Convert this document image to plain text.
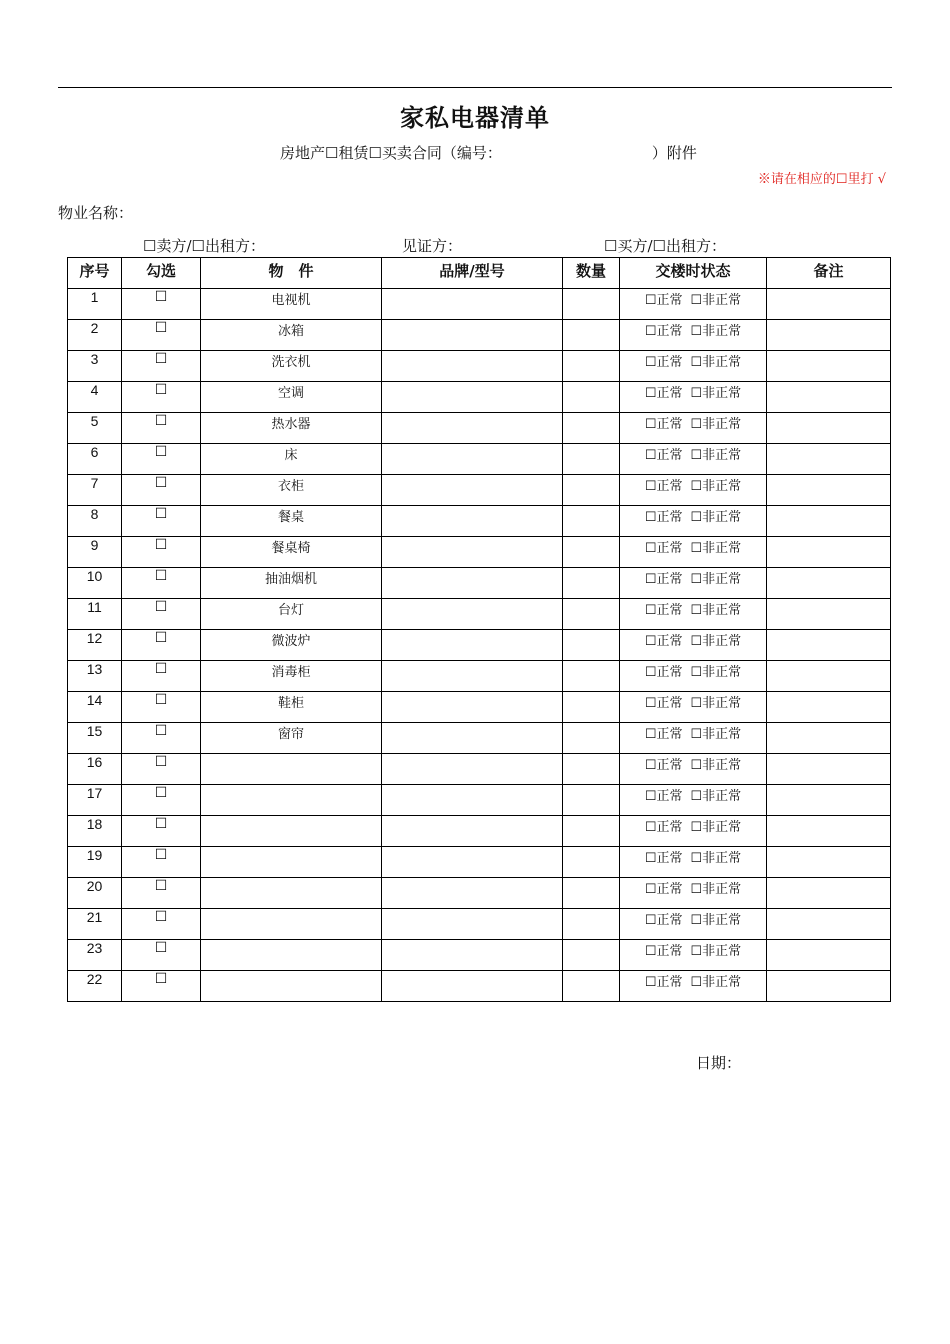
家私电器清单
房地产☐租赁☐买卖合同（编号：	）附件
※请在相应的☐里打 √
物业名称：
☐卖方/☐出租方：	见证方：	☐买方/☐出租方：
序号	勾选	物　件	品牌/型号	数量	交楼时状态	备注
1	☐	电视机			☐正常 ☐非正常	
2	☐	冰箱			☐正常 ☐非正常	
3	☐	洗衣机			☐正常 ☐非正常	
4	☐	空调			☐正常 ☐非正常	
5	☐	热水器			☐正常 ☐非正常	
6	☐	床			☐正常 ☐非正常	
7	☐	衣柜			☐正常 ☐非正常	
8	☐	餐桌			☐正常 ☐非正常	
9	☐	餐桌椅			☐正常 ☐非正常	
10	☐	抽油烟机			☐正常 ☐非正常	
11	☐	台灯			☐正常 ☐非正常	
12	☐	微波炉			☐正常 ☐非正常	
13	☐	消毒柜			☐正常 ☐非正常	
14	☐	鞋柜			☐正常 ☐非正常	
15	☐	窗帘			☐正常 ☐非正常	
16	☐				☐正常 ☐非正常	
17	☐				☐正常 ☐非正常	
18	☐				☐正常 ☐非正常	
19	☐				☐正常 ☐非正常	
20	☐				☐正常 ☐非正常	
21	☐				☐正常 ☐非正常	
23	☐				☐正常 ☐非正常	
22	☐				☐正常 ☐非正常	
日期：
